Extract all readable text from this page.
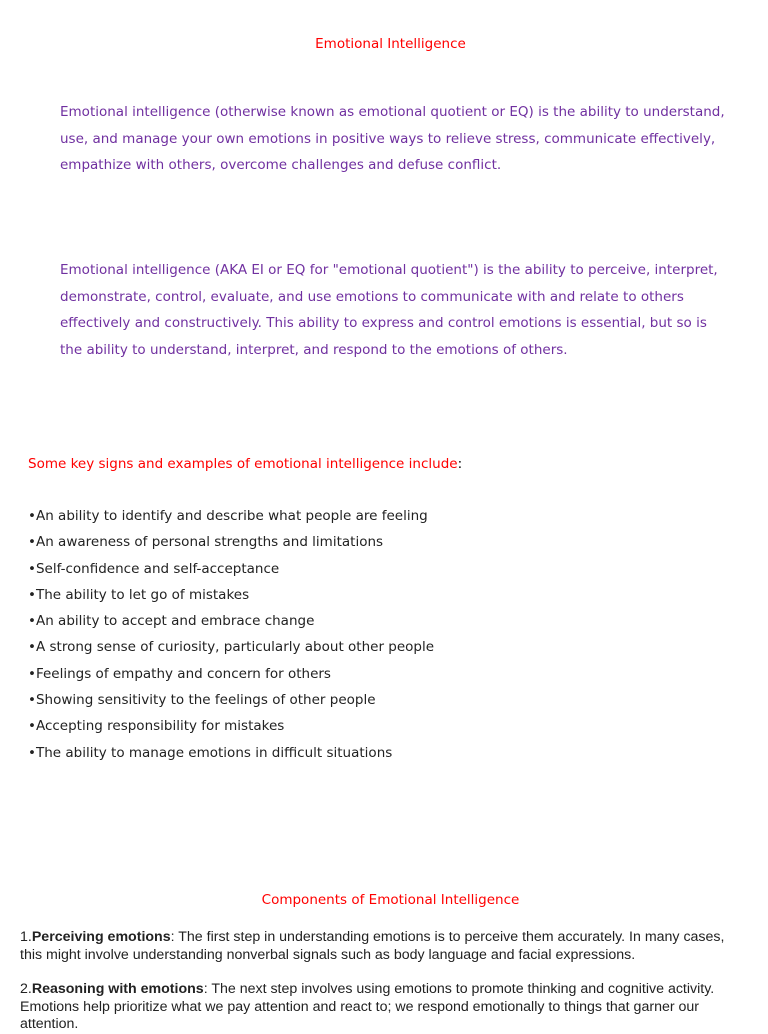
Emotional Intelligence

Emotional intelligence (otherwise known as emotional quotient or EQ) is the ability to understand, use, and manage your own emotions in positive ways to relieve stress, communicate effectively, empathize with others, overcome challenges and defuse conflict.

Emotional intelligence (AKA EI or EQ for "emotional quotient") is the ability to perceive, interpret, demonstrate, control, evaluate, and use emotions to communicate with and relate to others effectively and constructively. This ability to express and control emotions is essential, but so is the ability to understand, interpret, and respond to the emotions of others.

Some key signs and examples of emotional intelligence include:

•An ability to identify and describe what people are feeling
•An awareness of personal strengths and limitations
•Self-confidence and self-acceptance
•The ability to let go of mistakes
•An ability to accept and embrace change
•A strong sense of curiosity, particularly about other people
•Feelings of empathy and concern for others
•Showing sensitivity to the feelings of other people
•Accepting responsibility for mistakes
•The ability to manage emotions in difficult situations
Components of Emotional Intelligence

1.Perceiving emotions: The first step in understanding emotions is to perceive them accurately. In many cases, this might involve understanding nonverbal signals such as body language and facial expressions.

2.Reasoning with emotions: The next step involves using emotions to promote thinking and cognitive activity. Emotions help prioritize what we pay attention and react to; we respond emotionally to things that garner our attention.
